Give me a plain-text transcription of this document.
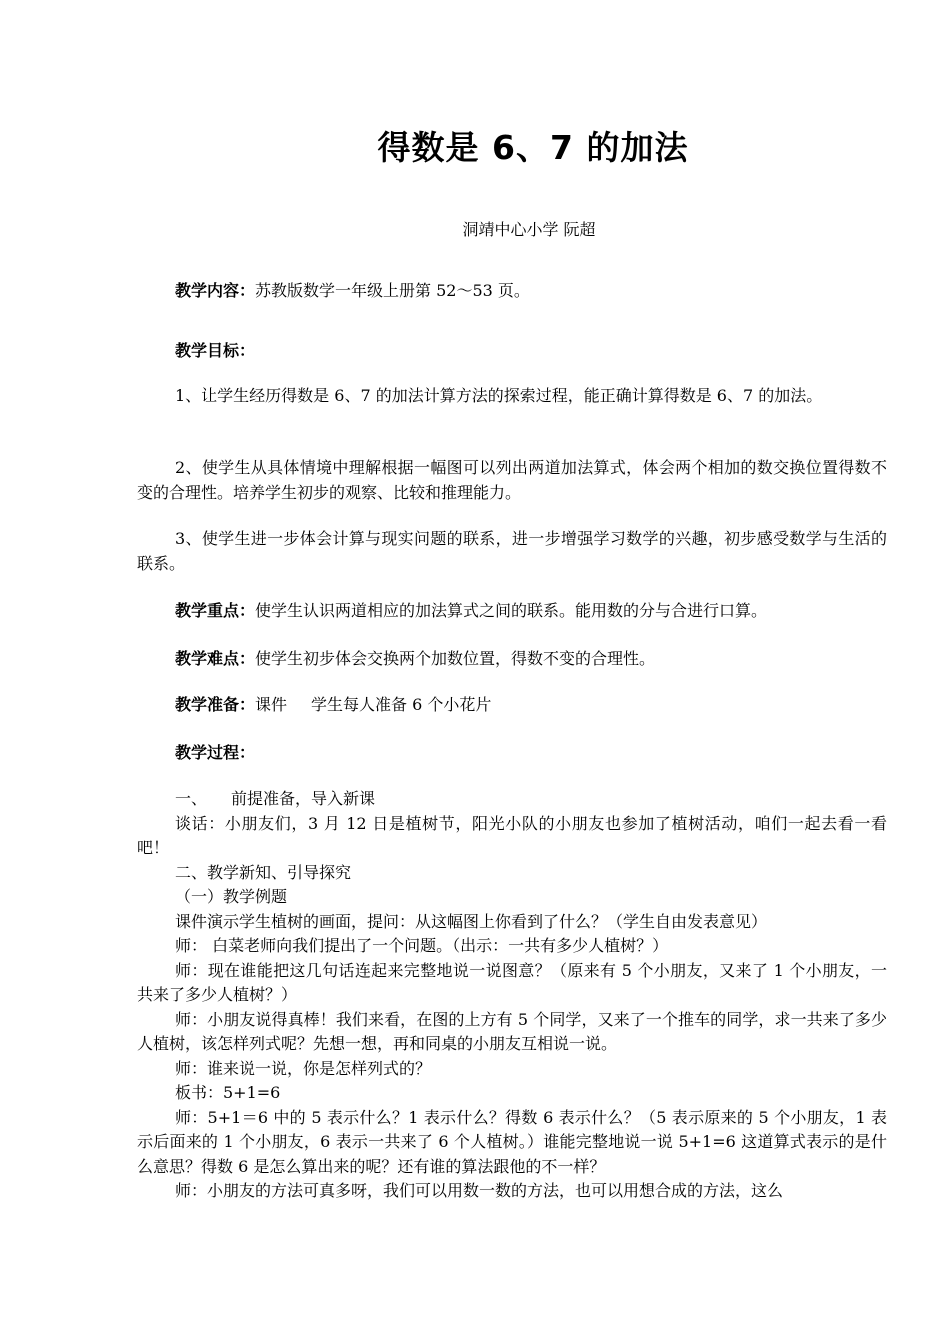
得数是 6、7 的加法
洞靖中心小学 阮超
教学内容：苏教版数学一年级上册第 52～53 页。
教学目标：
1、让学生经历得数是 6、7 的加法计算方法的探索过程，能正确计算得数是 6、7 的加法。
2、使学生从具体情境中理解根据一幅图可以列出两道加法算式，体会两个相加的数交换位置得数不变的合理性。培养学生初步的观察、比较和推理能力。
3、使学生进一步体会计算与现实问题的联系，进一步增强学习数学的兴趣，初步感受数学与生活的联系。
教学重点：使学生认识两道相应的加法算式之间的联系。能用数的分与合进行口算。
教学难点：使学生初步体会交换两个加数位置，得数不变的合理性。
教学准备：课件 学生每人准备 6 个小花片
教学过程：

一、 前提准备，导入新课

谈话：小朋友们，3 月 12 日是植树节，阳光小队的小朋友也参加了植树活动，咱们一起去看一看吧！

二、教学新知、引导探究

（一）教学例题

课件演示学生植树的画面，提问：从这幅图上你看到了什么？（学生自由发表意见）

师： 白菜老师向我们提出了一个问题。（出示：一共有多少人植树？）

师：现在谁能把这几句话连起来完整地说一说图意？（原来有 5 个小朋友，又来了 1 个小朋友，一共来了多少人植树？）

师：小朋友说得真棒！我们来看，在图的上方有 5 个同学，又来了一个推车的同学，求一共来了多少人植树，该怎样列式呢？先想一想，再和同桌的小朋友互相说一说。

师：谁来说一说，你是怎样列式的？

板书：5+1=6

师：5+1＝6 中的 5 表示什么？1 表示什么？得数 6 表示什么？（5 表示原来的 5 个小朋友，1 表示后面来的 1 个小朋友，6 表示一共来了 6 个人植树。）谁能完整地说一说 5+1=6 这道算式表示的是什么意思？得数 6 是怎么算出来的呢？还有谁的算法跟他的不一样？

师：小朋友的方法可真多呀，我们可以用数一数的方法，也可以用想合成的方法，这么
